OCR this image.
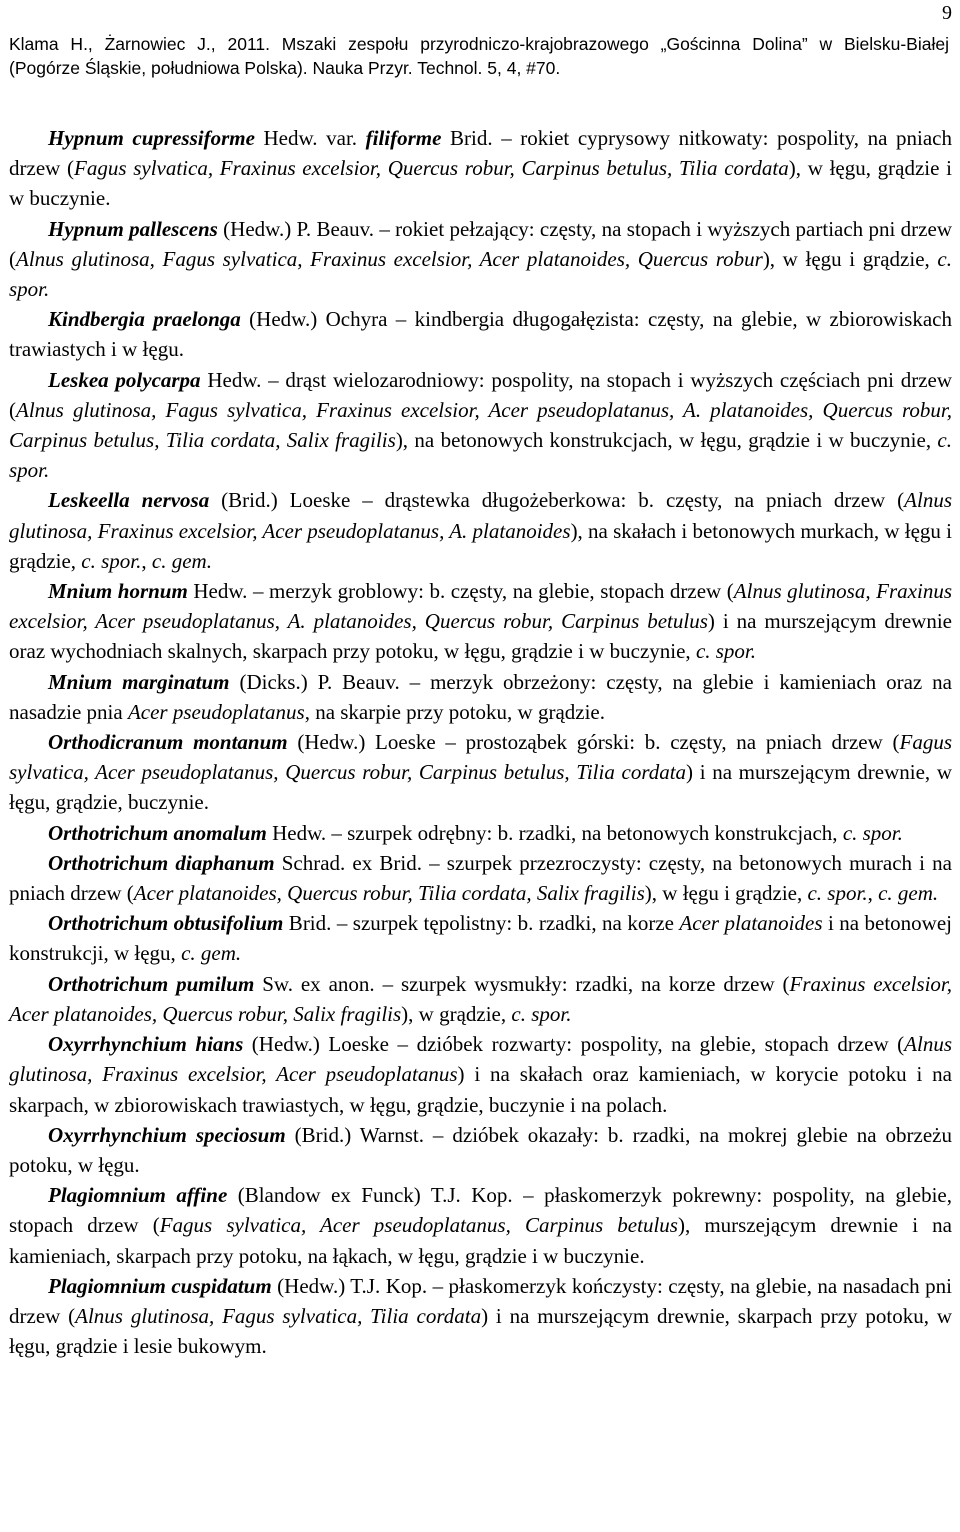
9
Klama H., Żarnowiec J., 2011. Mszaki zespołu przyrodniczo-krajobrazowego „Gościnna Dolina” w Bielsku-Białej
(Pogórze Śląskie, południowa Polska). Nauka Przyr. Technol. 5, 4, #70.

Hypnum cupressiforme Hedw. var. filiforme Brid. – rokiet cyprysowy nitkowaty: pospolity, na pniach drzew (Fagus sylvatica, Fraxinus excelsior, Quercus robur, Carpinus betulus, Tilia cordata), w łęgu, grądzie i w buczynie.

Hypnum pallescens (Hedw.) P. Beauv. – rokiet pełzający: częsty, na stopach i wyższych partiach pni drzew (Alnus glutinosa, Fagus sylvatica, Fraxinus excelsior, Acer platanoides, Quercus robur), w łęgu i grądzie, c. spor.

Kindbergia praelonga (Hedw.) Ochyra – kindbergia długogałęzista: częsty, na glebie, w zbiorowiskach trawiastych i w łęgu.

Leskea polycarpa Hedw. – drąst wielozarodniowy: pospolity, na stopach i wyższych częściach pni drzew (Alnus glutinosa, Fagus sylvatica, Fraxinus excelsior, Acer pseudoplatanus, A. platanoides, Quercus robur, Carpinus betulus, Tilia cordata, Salix fragilis), na betonowych konstrukcjach, w łęgu, grądzie i w buczynie, c. spor.

Leskeella nervosa (Brid.) Loeske – drąstewka długożeberkowa: b. częsty, na pniach drzew (Alnus glutinosa, Fraxinus excelsior, Acer pseudoplatanus, A. platanoides), na skałach i betonowych murkach, w łęgu i grądzie, c. spor., c. gem.

Mnium hornum Hedw. – merzyk groblowy: b. częsty, na glebie, stopach drzew (Alnus glutinosa, Fraxinus excelsior, Acer pseudoplatanus, A. platanoides, Quercus robur, Carpinus betulus) i na murszejącym drewnie oraz wychodniach skalnych, skarpach przy potoku, w łęgu, grądzie i w buczynie, c. spor.

Mnium marginatum (Dicks.) P. Beauv. – merzyk obrzeżony: częsty, na glebie i kamieniach oraz na nasadzie pnia Acer pseudoplatanus, na skarpie przy potoku, w grądzie.

Orthodicranum montanum (Hedw.) Loeske – prostoząbek górski: b. częsty, na pniach drzew (Fagus sylvatica, Acer pseudoplatanus, Quercus robur, Carpinus betulus, Tilia cordata) i na murszejącym drewnie, w łęgu, grądzie, buczynie.

Orthotrichum anomalum Hedw. – szurpek odrębny: b. rzadki, na betonowych konstrukcjach, c. spor.

Orthotrichum diaphanum Schrad. ex Brid. – szurpek przezroczysty: częsty, na betonowych murach i na pniach drzew (Acer platanoides, Quercus robur, Tilia cordata, Salix fragilis), w łęgu i grądzie, c. spor., c. gem.

Orthotrichum obtusifolium Brid. – szurpek tępolistny: b. rzadki, na korze Acer platanoides i na betonowej konstrukcji, w łęgu, c. gem.

Orthotrichum pumilum Sw. ex anon. – szurpek wysmukły: rzadki, na korze drzew (Fraxinus excelsior, Acer platanoides, Quercus robur, Salix fragilis), w grądzie, c. spor.

Oxyrrhynchium hians (Hedw.) Loeske – dzióbek rozwarty: pospolity, na glebie, stopach drzew (Alnus glutinosa, Fraxinus excelsior, Acer pseudoplatanus) i na skałach oraz kamieniach, w korycie potoku i na skarpach, w zbiorowiskach trawiastych, w łęgu, grądzie, buczynie i na polach.

Oxyrrhynchium speciosum (Brid.) Warnst. – dzióbek okazały: b. rzadki, na mokrej glebie na obrzeżu potoku, w łęgu.

Plagiomnium affine (Blandow ex Funck) T.J. Kop. – płaskomerzyk pokrewny: pospolity, na glebie, stopach drzew (Fagus sylvatica, Acer pseudoplatanus, Carpinus betulus), murszejącym drewnie i na kamieniach, skarpach przy potoku, na łąkach, w łęgu, grądzie i w buczynie.

Plagiomnium cuspidatum (Hedw.) T.J. Kop. – płaskomerzyk kończysty: częsty, na glebie, na nasadach pni drzew (Alnus glutinosa, Fagus sylvatica, Tilia cordata) i na murszejącym drewnie, skarpach przy potoku, w łęgu, grądzie i lesie bukowym.
